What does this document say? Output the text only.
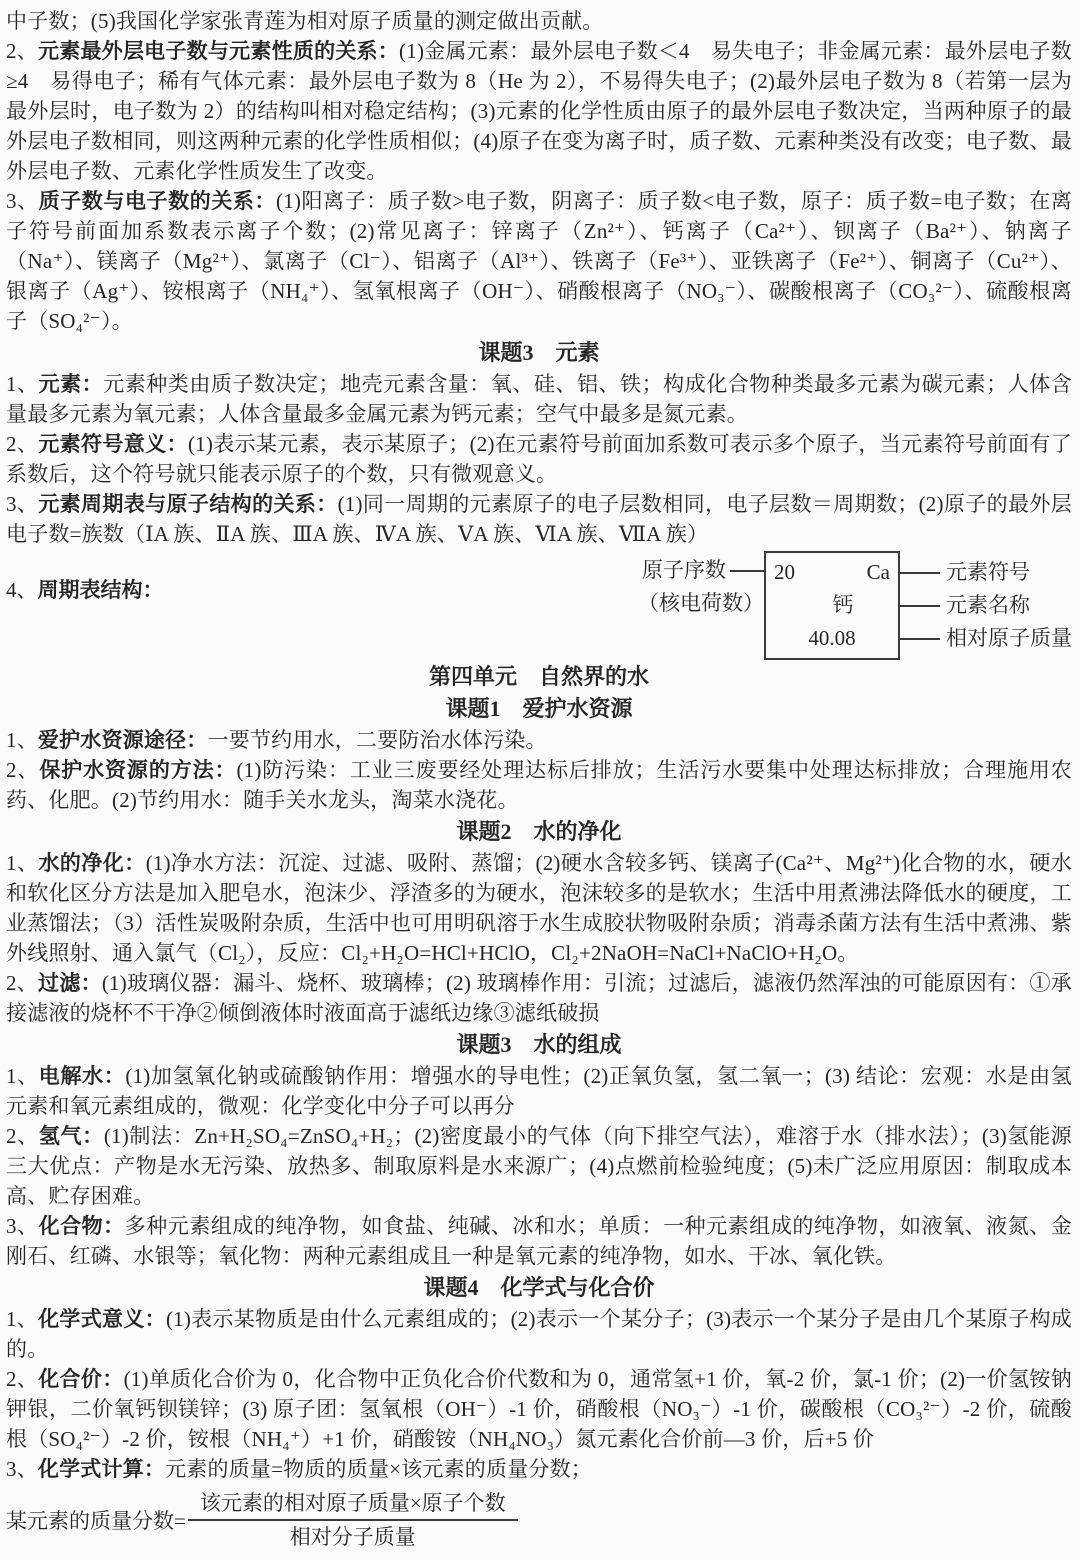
中子数；(5)我国化学家张青莲为相对原子质量的测定做出贡献。

2、元素最外层电子数与元素性质的关系：(1)金属元素：最外层电子数＜4　易失电子；非金属元素：最外层电子数≥4　易得电子；稀有气体元素：最外层电子数为 8（He 为 2），不易得失电子；(2)最外层电子数为 8（若第一层为最外层时，电子数为 2）的结构叫相对稳定结构；(3)元素的化学性质由原子的最外层电子数决定，当两种原子的最外层电子数相同，则这两种元素的化学性质相似；(4)原子在变为离子时，质子数、元素种类没有改变；电子数、最外层电子数、元素化学性质发生了改变。

3、质子数与电子数的关系：(1)阳离子：质子数>电子数，阴离子：质子数<电子数，原子：质子数=电子数；在离子符号前面加系数表示离子个数；(2)常见离子：锌离子（Zn²⁺）、钙离子（Ca²⁺）、钡离子（Ba²⁺）、钠离子（Na⁺）、镁离子（Mg²⁺）、氯离子（Cl⁻）、铝离子（Al³⁺）、铁离子（Fe³⁺）、亚铁离子（Fe²⁺）、铜离子（Cu²⁺）、银离子（Ag⁺）、铵根离子（NH₄⁺）、氢氧根离子（OH⁻）、硝酸根离子（NO₃⁻）、碳酸根离子（CO₃²⁻）、硫酸根离子（SO₄²⁻）。

课题3　元素

1、元素：元素种类由质子数决定；地壳元素含量：氧、硅、铝、铁；构成化合物种类最多元素为碳元素；人体含量最多元素为氧元素；人体含量最多金属元素为钙元素；空气中最多是氮元素。

2、元素符号意义：(1)表示某元素，表示某原子；(2)在元素符号前面加系数可表示多个原子，当元素符号前面有了系数后，这个符号就只能表示原子的个数，只有微观意义。

3、元素周期表与原子结构的关系：(1)同一周期的元素原子的电子层数相同，电子层数＝周期数；(2)原子的最外层电子数=族数（ⅠA 族、ⅡA 族、ⅢA 族、ⅣA 族、ⅤA 族、ⅥA 族、ⅦA 族）

4、周期表结构：
原子序数
（核电荷数）
20	Ca
钙
40.08
元素符号
元素名称
相对原子质量
第四单元　自然界的水
课题1　爱护水资源

1、爱护水资源途径：一要节约用水，二要防治水体污染。

2、保护水资源的方法：(1)防污染：工业三废要经处理达标后排放；生活污水要集中处理达标排放；合理施用农药、化肥。(2)节约用水：随手关水龙头，淘菜水浇花。

课题2　水的净化

1、水的净化：(1)净水方法：沉淀、过滤、吸附、蒸馏；(2)硬水含较多钙、镁离子(Ca²⁺、Mg²⁺)化合物的水，硬水和软化区分方法是加入肥皂水，泡沫少、浮渣多的为硬水，泡沫较多的是软水；生活中用煮沸法降低水的硬度，工业蒸馏法；（3）活性炭吸附杂质，生活中也可用明矾溶于水生成胶状物吸附杂质；消毒杀菌方法有生活中煮沸、紫外线照射、通入氯气（Cl₂），反应：Cl₂+H₂O=HCl+HClO，Cl₂+2NaOH=NaCl+NaClO+H₂O。

2、过滤：(1)玻璃仪器：漏斗、烧杯、玻璃棒；(2) 玻璃棒作用：引流；过滤后，滤液仍然浑浊的可能原因有：①承接滤液的烧杯不干净②倾倒液体时液面高于滤纸边缘③滤纸破损

课题3　水的组成

1、电解水：(1)加氢氧化钠或硫酸钠作用：增强水的导电性；(2)正氧负氢，氢二氧一；(3) 结论：宏观：水是由氢元素和氧元素组成的，微观：化学变化中分子可以再分

2、氢气：(1)制法：Zn+H₂SO₄=ZnSO₄+H₂；(2)密度最小的气体（向下排空气法），难溶于水（排水法）；(3)氢能源三大优点：产物是水无污染、放热多、制取原料是水来源广；(4)点燃前检验纯度；(5)未广泛应用原因：制取成本高、贮存困难。

3、化合物：多种元素组成的纯净物，如食盐、纯碱、冰和水；单质：一种元素组成的纯净物，如液氧、液氮、金刚石、红磷、水银等；氧化物：两种元素组成且一种是氧元素的纯净物，如水、干冰、氧化铁。

课题4　化学式与化合价

1、化学式意义：(1)表示某物质是由什么元素组成的；(2)表示一个某分子；(3)表示一个某分子是由几个某原子构成的。

2、化合价：(1)单质化合价为 0，化合物中正负化合价代数和为 0，通常氢+1 价，氧-2 价，氯-1 价；(2)一价氢铵钠钾银，二价氧钙钡镁锌；(3) 原子团：氢氧根（OH⁻）-1 价，硝酸根（NO₃⁻）-1 价，碳酸根（CO₃²⁻）-2 价，硫酸根（SO₄²⁻）-2 价，铵根（NH₄⁺）+1 价，硝酸铵（NH₄NO₃）氮元素化合价前—3 价，后+5 价

3、化学式计算：元素的质量=物质的质量×该元素的质量分数；

某元素的质量分数= $\frac{\text{该元素的相对原子质量×原子个数}}{\text{相对分子质量}}$
